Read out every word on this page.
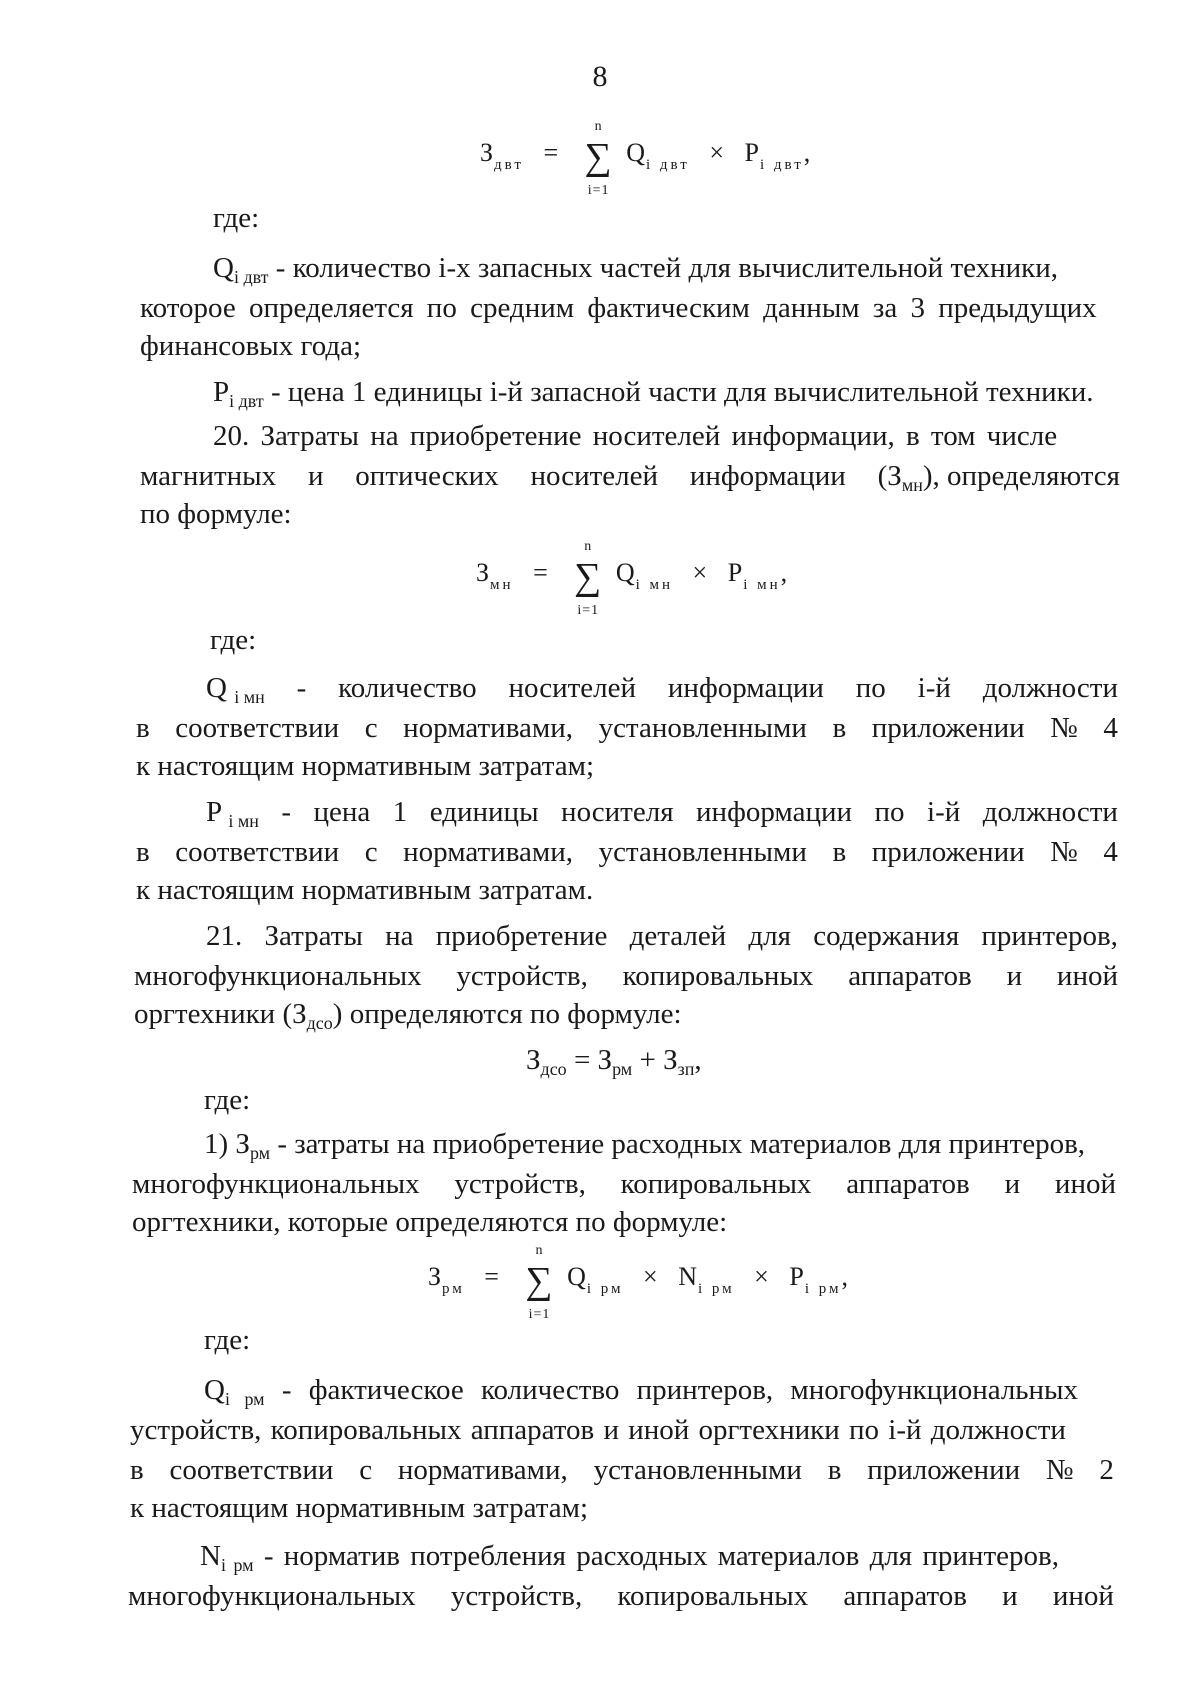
8
$З_{двт}$ =
n
∑
i=1
$Q_{i двт} \times P_{i двт}$,
где:
$Q_{i двт}$ - количество i-х запасных частей для вычислительной техники,
которое определяется по средним фактическим данным за 3 предыдущих
финансовых года;
$P_{i двт}$ - цена 1 единицы i-й запасной части для вычислительной техники.
20. Затраты на приобретение носителей информации, в том числе
магнитных и оптических носителей информации $(З_{мн})$, определяются
по формуле:
$З_{мн}$ =
n
∑
i=1
$Q_{i мн} \times P_{i мн}$,
где:
Q $_{i мн}$ - количество носителей информации по i-й должности
в соответствии с нормативами, установленными в приложении № 4
к настоящим нормативным затратам;
P $_{i мн}$ - цена 1 единицы носителя информации по i-й должности
в соответствии с нормативами, установленными в приложении № 4
к настоящим нормативным затратам.
21. Затраты на приобретение деталей для содержания принтеров,
многофункциональных устройств, копировальных аппаратов и иной
оргтехники $(З_{дсо})$ определяются по формуле:
$З_{дсо} = З_{рм} + З_{зп}$,
где:
1) $З_{рм}$ - затраты на приобретение расходных материалов для принтеров,
многофункциональных устройств, копировальных аппаратов и иной
оргтехники, которые определяются по формуле:
$З_{рм}$ =
n
∑
i=1
$Q_{i рм} \times N_{i рм} \times P_{i рм}$,
где:
$Q_{i рм}$ - фактическое количество принтеров, многофункциональных
устройств, копировальных аппаратов и иной оргтехники по i-й должности
в соответствии с нормативами, установленными в приложении № 2
к настоящим нормативным затратам;
$N_{i рм}$ - норматив потребления расходных материалов для принтеров,
многофункциональных устройств, копировальных аппаратов и иной
